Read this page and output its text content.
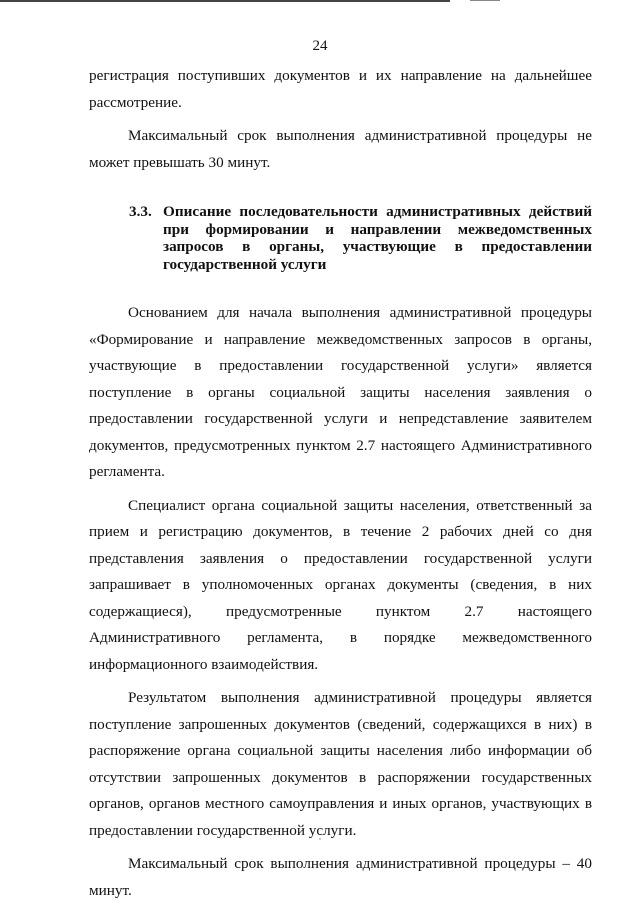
24

регистрация поступивших документов и их направление на дальнейшее рассмотрение.

Максимальный срок выполнения административной процедуры не может превышать 30 минут.

3.3. Описание последовательности административных действий при формировании и направлении межведомственных запросов в органы, участвующие в предоставлении государственной услуги

Основанием для начала выполнения административной процедуры «Формирование и направление межведомственных запросов в органы, участвующие в предоставлении государственной услуги» является поступление в органы социальной защиты населения заявления о предоставлении государственной услуги и непредставление заявителем документов, предусмотренных пунктом 2.7 настоящего Административного регламента.

Специалист органа социальной защиты населения, ответственный за прием и регистрацию документов, в течение 2 рабочих дней со дня представления заявления о предоставлении государственной услуги запрашивает в уполномоченных органах документы (сведения, в них содержащиеся), предусмотренные пунктом 2.7 настоящего Административного регламента, в порядке межведомственного информационного взаимодействия.

Результатом выполнения административной процедуры является поступление запрошенных документов (сведений, содержащихся в них) в распоряжение органа социальной защиты населения либо информации об отсутствии запрошенных документов в распоряжении государственных органов, органов местного самоуправления и иных органов, участвующих в предоставлении государственной услуги.

Максимальный срок выполнения административной процедуры – 40 минут.
